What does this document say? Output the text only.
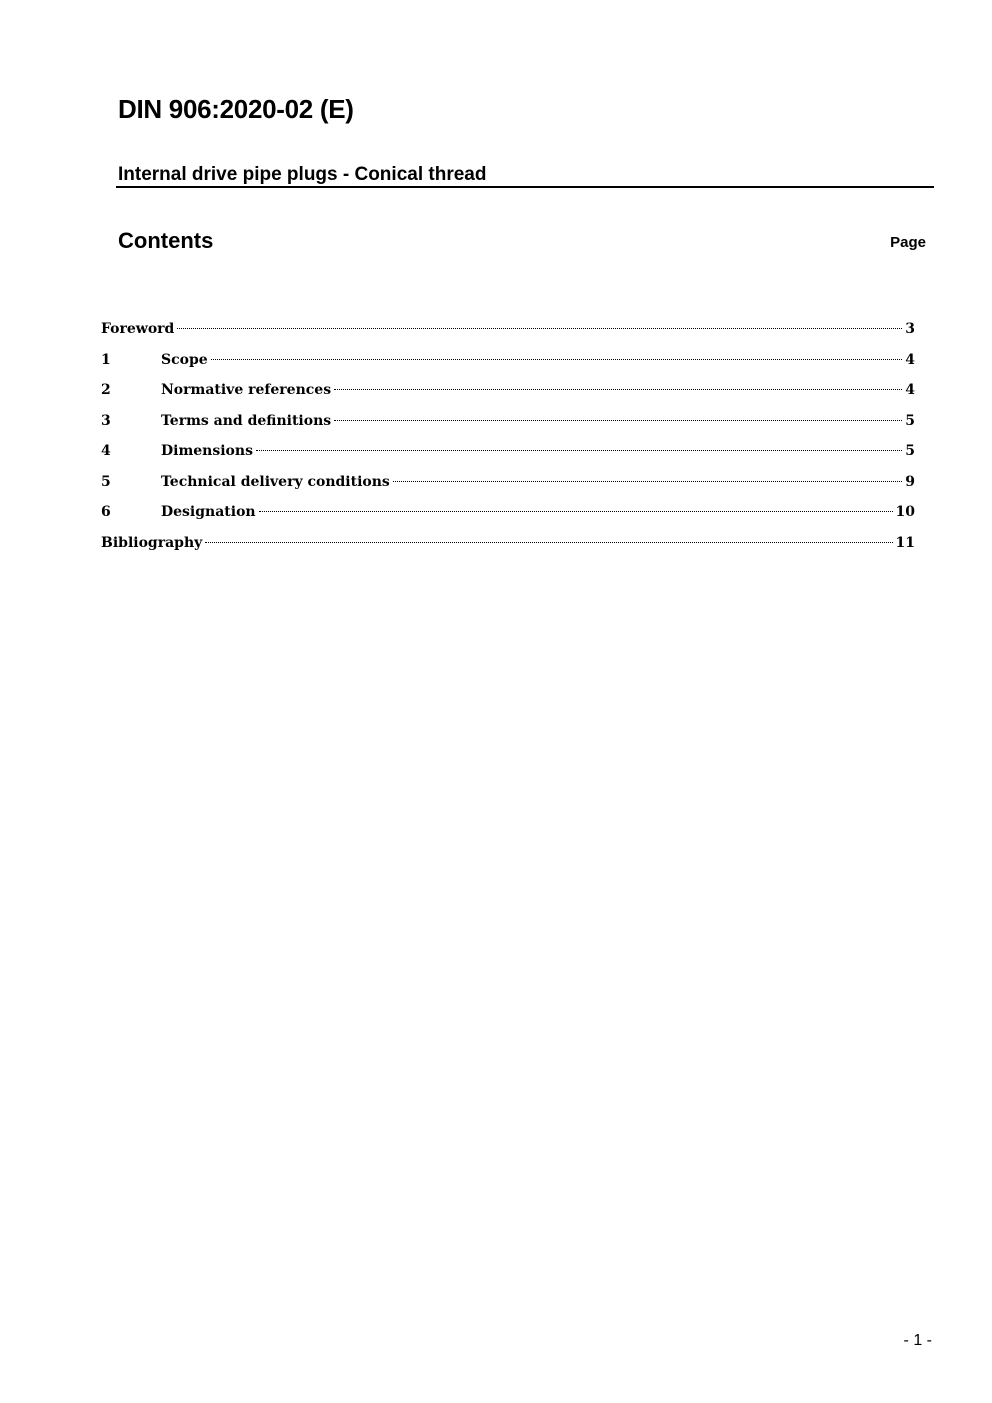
DIN 906:2020-02 (E)
Internal drive pipe plugs - Conical thread
Contents	Page
Foreword	3
1	Scope	4
2	Normative references	4
3	Terms and definitions	5
4	Dimensions	5
5	Technical delivery conditions	9
6	Designation	10
Bibliography	11
- 1 -
